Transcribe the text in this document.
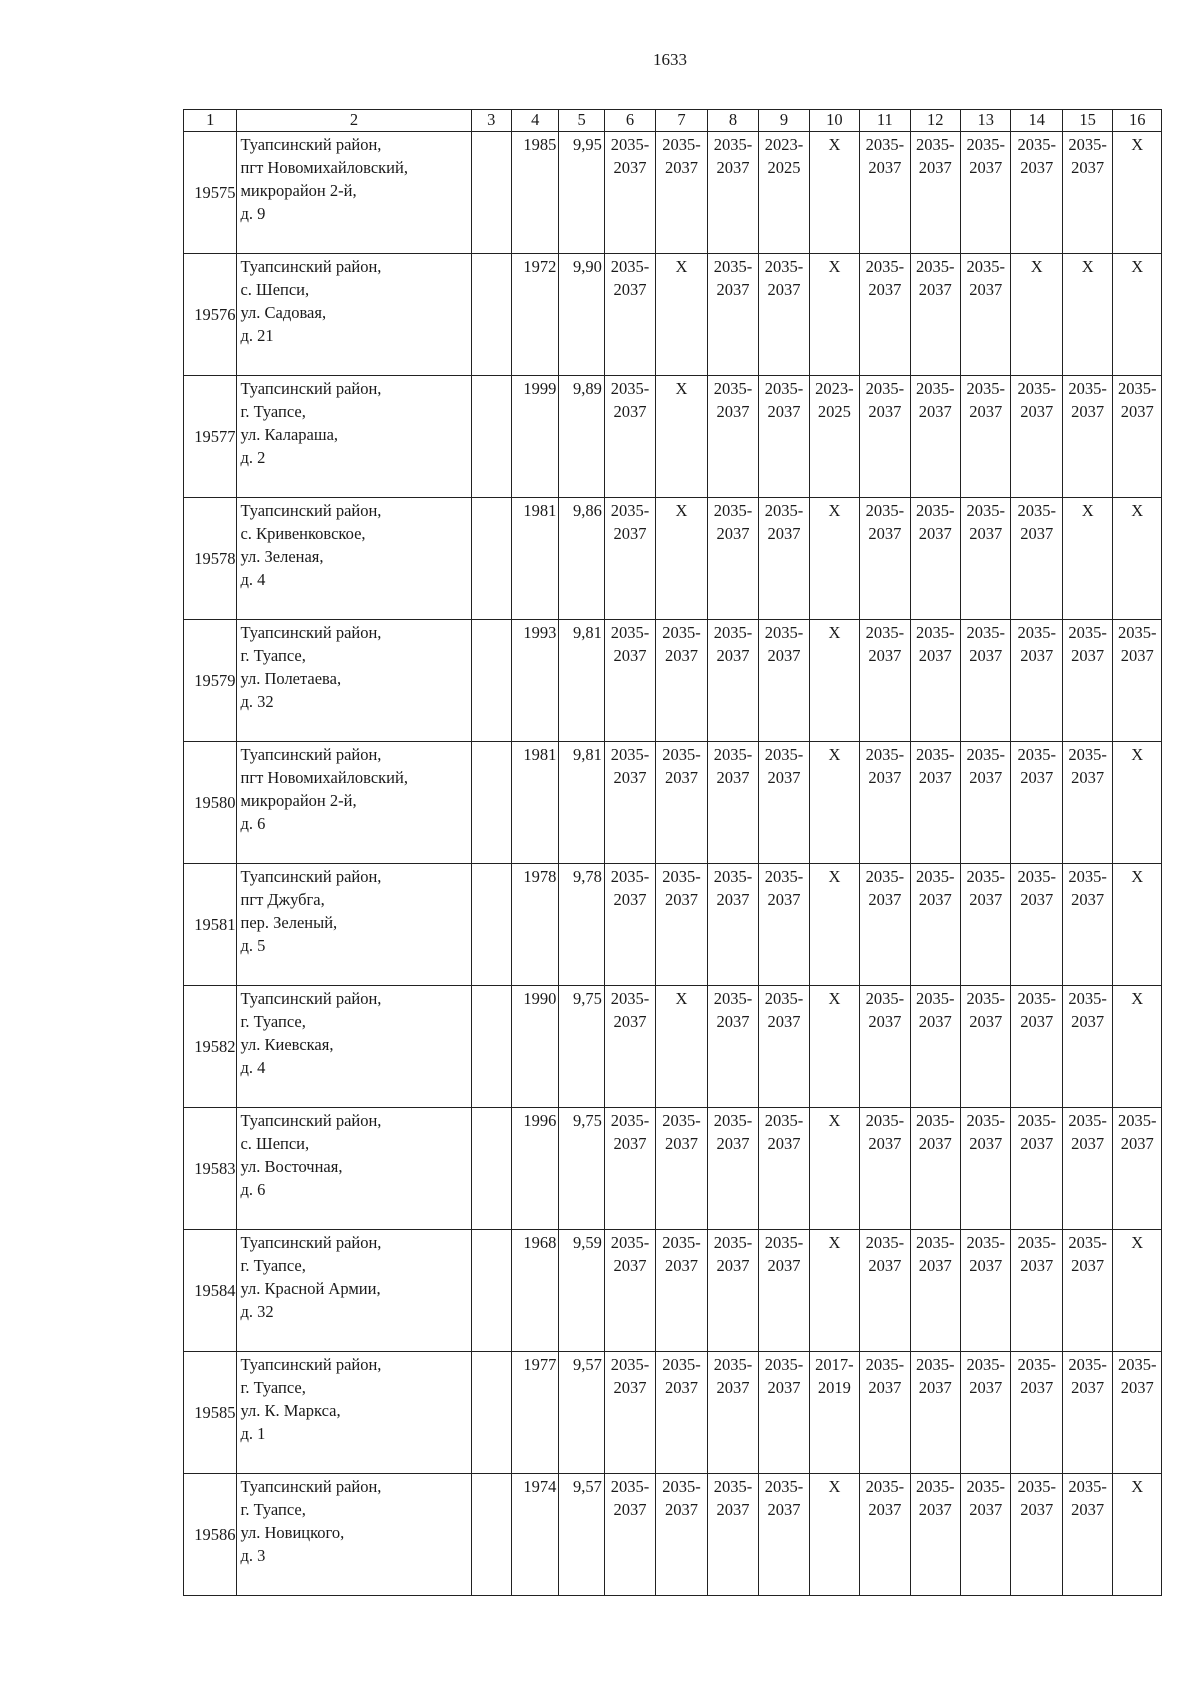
1633
1	2	3	4	5	6	7	8	9	10	11	12	13	14	15	16
19575	Туапсинский район,
пгт Новомихайловский,
микрорайон 2-й,
д. 9		1985	9,95	2035-
2037	2035-
2037	2035-
2037	2023-
2025	X	2035-
2037	2035-
2037	2035-
2037	2035-
2037	2035-
2037	X

19576	Туапсинский район,
с. Шепси,
ул. Садовая,
д. 21		1972	9,90	2035-
2037	X	2035-
2037	2035-
2037	X	2035-
2037	2035-
2037	2035-
2037	X	X	X

19577	Туапсинский район,
г. Туапсе,
ул. Калараша,
д. 2		1999	9,89	2035-
2037	X	2035-
2037	2035-
2037	2023-
2025	2035-
2037	2035-
2037	2035-
2037	2035-
2037	2035-
2037	2035-
2037

19578	Туапсинский район,
с. Кривенковское,
ул. Зеленая,
д. 4		1981	9,86	2035-
2037	X	2035-
2037	2035-
2037	X	2035-
2037	2035-
2037	2035-
2037	2035-
2037	X	X

19579	Туапсинский район,
г. Туапсе,
ул. Полетаева,
д. 32		1993	9,81	2035-
2037	2035-
2037	2035-
2037	2035-
2037	X	2035-
2037	2035-
2037	2035-
2037	2035-
2037	2035-
2037	2035-
2037

19580	Туапсинский район,
пгт Новомихайловский,
микрорайон 2-й,
д. 6		1981	9,81	2035-
2037	2035-
2037	2035-
2037	2035-
2037	X	2035-
2037	2035-
2037	2035-
2037	2035-
2037	2035-
2037	X

19581	Туапсинский район,
пгт Джубга,
пер. Зеленый,
д. 5		1978	9,78	2035-
2037	2035-
2037	2035-
2037	2035-
2037	X	2035-
2037	2035-
2037	2035-
2037	2035-
2037	2035-
2037	X

19582	Туапсинский район,
г. Туапсе,
ул. Киевская,
д. 4		1990	9,75	2035-
2037	X	2035-
2037	2035-
2037	X	2035-
2037	2035-
2037	2035-
2037	2035-
2037	2035-
2037	X

19583	Туапсинский район,
с. Шепси,
ул. Восточная,
д. 6		1996	9,75	2035-
2037	2035-
2037	2035-
2037	2035-
2037	X	2035-
2037	2035-
2037	2035-
2037	2035-
2037	2035-
2037	2035-
2037

19584	Туапсинский район,
г. Туапсе,
ул. Красной Армии,
д. 32		1968	9,59	2035-
2037	2035-
2037	2035-
2037	2035-
2037	X	2035-
2037	2035-
2037	2035-
2037	2035-
2037	2035-
2037	X

19585	Туапсинский район,
г. Туапсе,
ул. К. Маркса,
д. 1		1977	9,57	2035-
2037	2035-
2037	2035-
2037	2035-
2037	2017-
2019	2035-
2037	2035-
2037	2035-
2037	2035-
2037	2035-
2037	2035-
2037

19586	Туапсинский район,
г. Туапсе,
ул. Новицкого,
д. 3		1974	9,57	2035-
2037	2035-
2037	2035-
2037	2035-
2037	X	2035-
2037	2035-
2037	2035-
2037	2035-
2037	2035-
2037	X
